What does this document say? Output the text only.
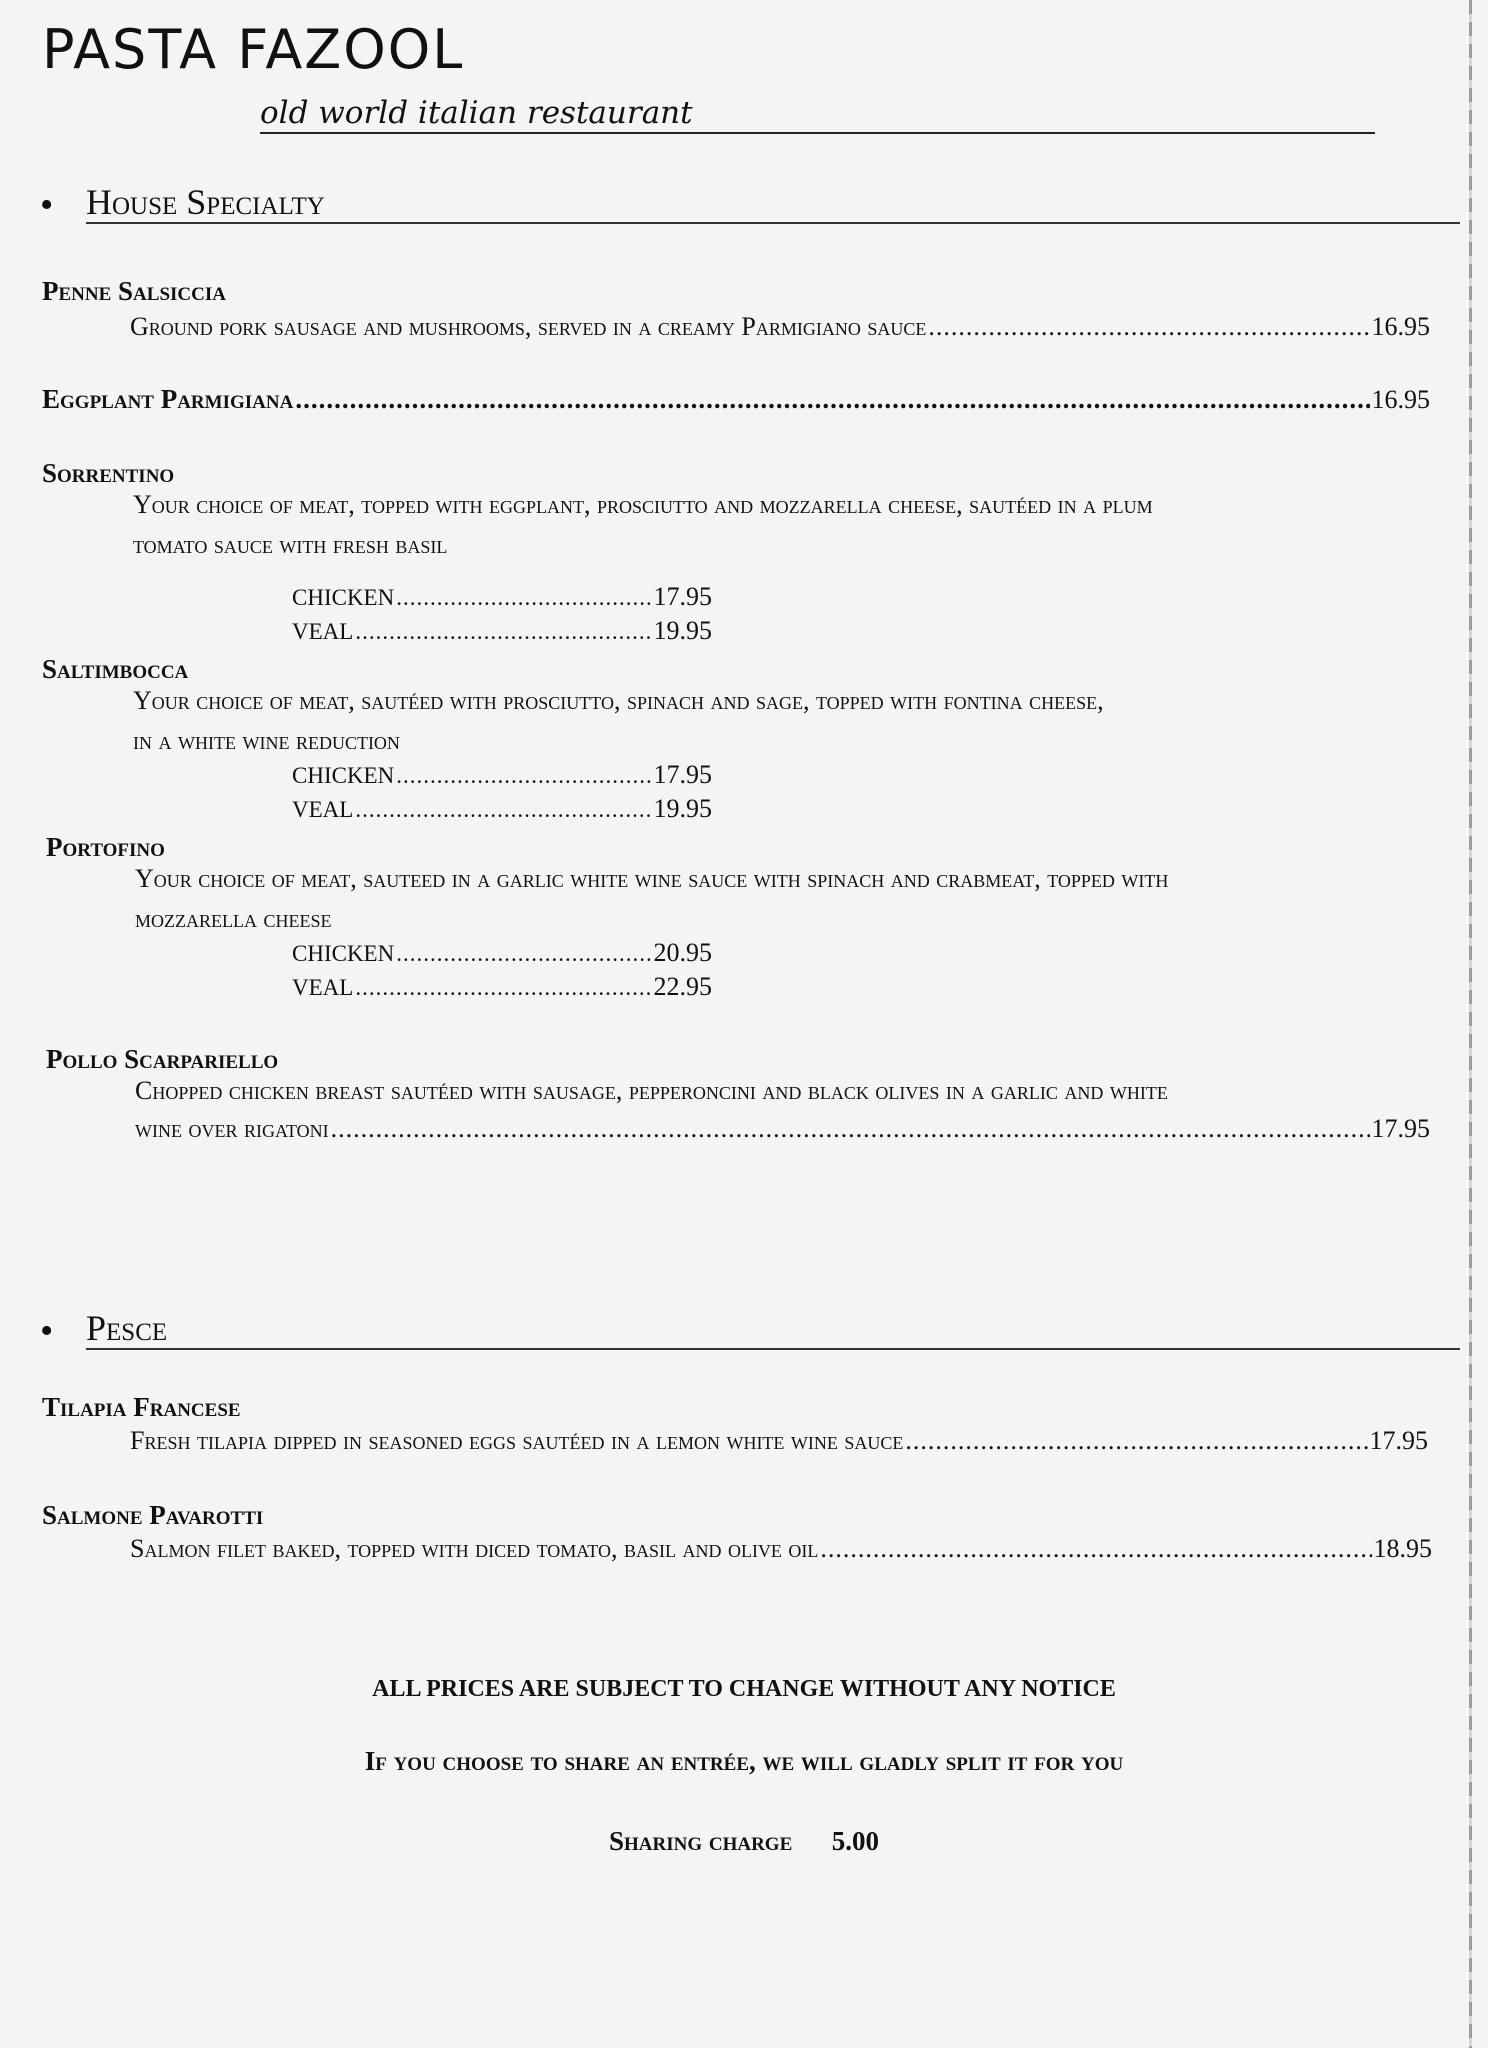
PASTA FAZOOL
old world italian restaurant
• House Specialty
Penne Salsiccia
Ground pork sausage and mushrooms, served in a creamy Parmigiano sauce .....	16.95
Eggplant Parmigiana .....	16.95
Sorrentino
Your choice of meat, topped with eggplant, prosciutto and mozzarella cheese, sautéed in a plum
tomato sauce with fresh basil
CHICKEN .....	17.95
VEAL .....	19.95
Saltimbocca
Your choice of meat, sautéed with prosciutto, spinach and sage, topped with fontina cheese,
in a white wine reduction
CHICKEN .....	17.95
VEAL .....	19.95
Portofino
Your choice of meat, sauteed in a garlic white wine sauce with spinach and crabmeat, topped with
mozzarella cheese
CHICKEN .....	20.95
VEAL .....	22.95
Pollo Scarpariello
Chopped chicken breast sautéed with sausage, pepperoncini and black olives in a garlic and white
wine over rigatoni .....	17.95
• Pesce
Tilapia Francese
Fresh tilapia dipped in seasoned eggs sautéed in a lemon white wine sauce .....	17.95
Salmone Pavarotti
Salmon filet baked, topped with diced tomato, basil and olive oil .....	18.95
ALL PRICES ARE SUBJECT TO CHANGE WITHOUT ANY NOTICE
If you choose to share an entrée, we will gladly split it for you
Sharing charge 5.00
